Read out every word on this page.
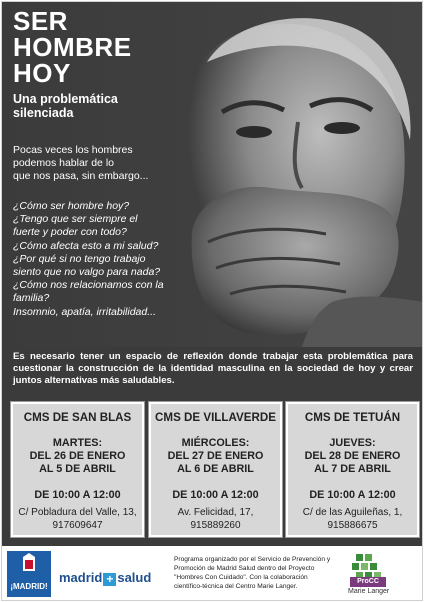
SER
HOMBRE
HOY
Una problemática
silenciada
Pocas veces los hombres
podemos hablar de lo
que nos pasa, sin embargo...
¿Cómo ser hombre hoy?
¿Tengo que ser siempre el
fuerte y poder con todo?
¿Cómo afecta esto a mi salud?
¿Por qué si no tengo trabajo
siento que no valgo para nada?
¿Cómo nos relacionamos con la
familia?
Insomnio, apatía, irritabilidad...
Es necesario tener un espacio de reflexión donde trabajar esta problemática para cuestionar la construcción de la identidad masculina en la sociedad de hoy y crear juntos alternativas más saludables.
CMS DE SAN BLAS
MARTES:
DEL 26 DE ENERO
AL 5 DE ABRIL
DE 10:00 A 12:00
C/ Pobladura del Valle, 13,
917609647
CMS DE VILLAVERDE
MIÉRCOLES:
DEL 27 DE ENERO
AL 6 DE ABRIL
DE 10:00 A 12:00
Av. Felicidad, 17,
915889260
CMS DE TETUÁN
JUEVES:
DEL 28 DE ENERO
AL 7 DE ABRIL
DE 10:00 A 12:00
C/ de las Aguileñas, 1,
915886675
¡MADRID!
madrid + salud
Programa organizado por el Servicio de Prevención y
Promoción de Madrid Salud dentro del Proyecto
"Hombres Con Cuidado". Con la colaboración
científico-técnica del Centro Marie Langer.
ProCC
Marie Langer
